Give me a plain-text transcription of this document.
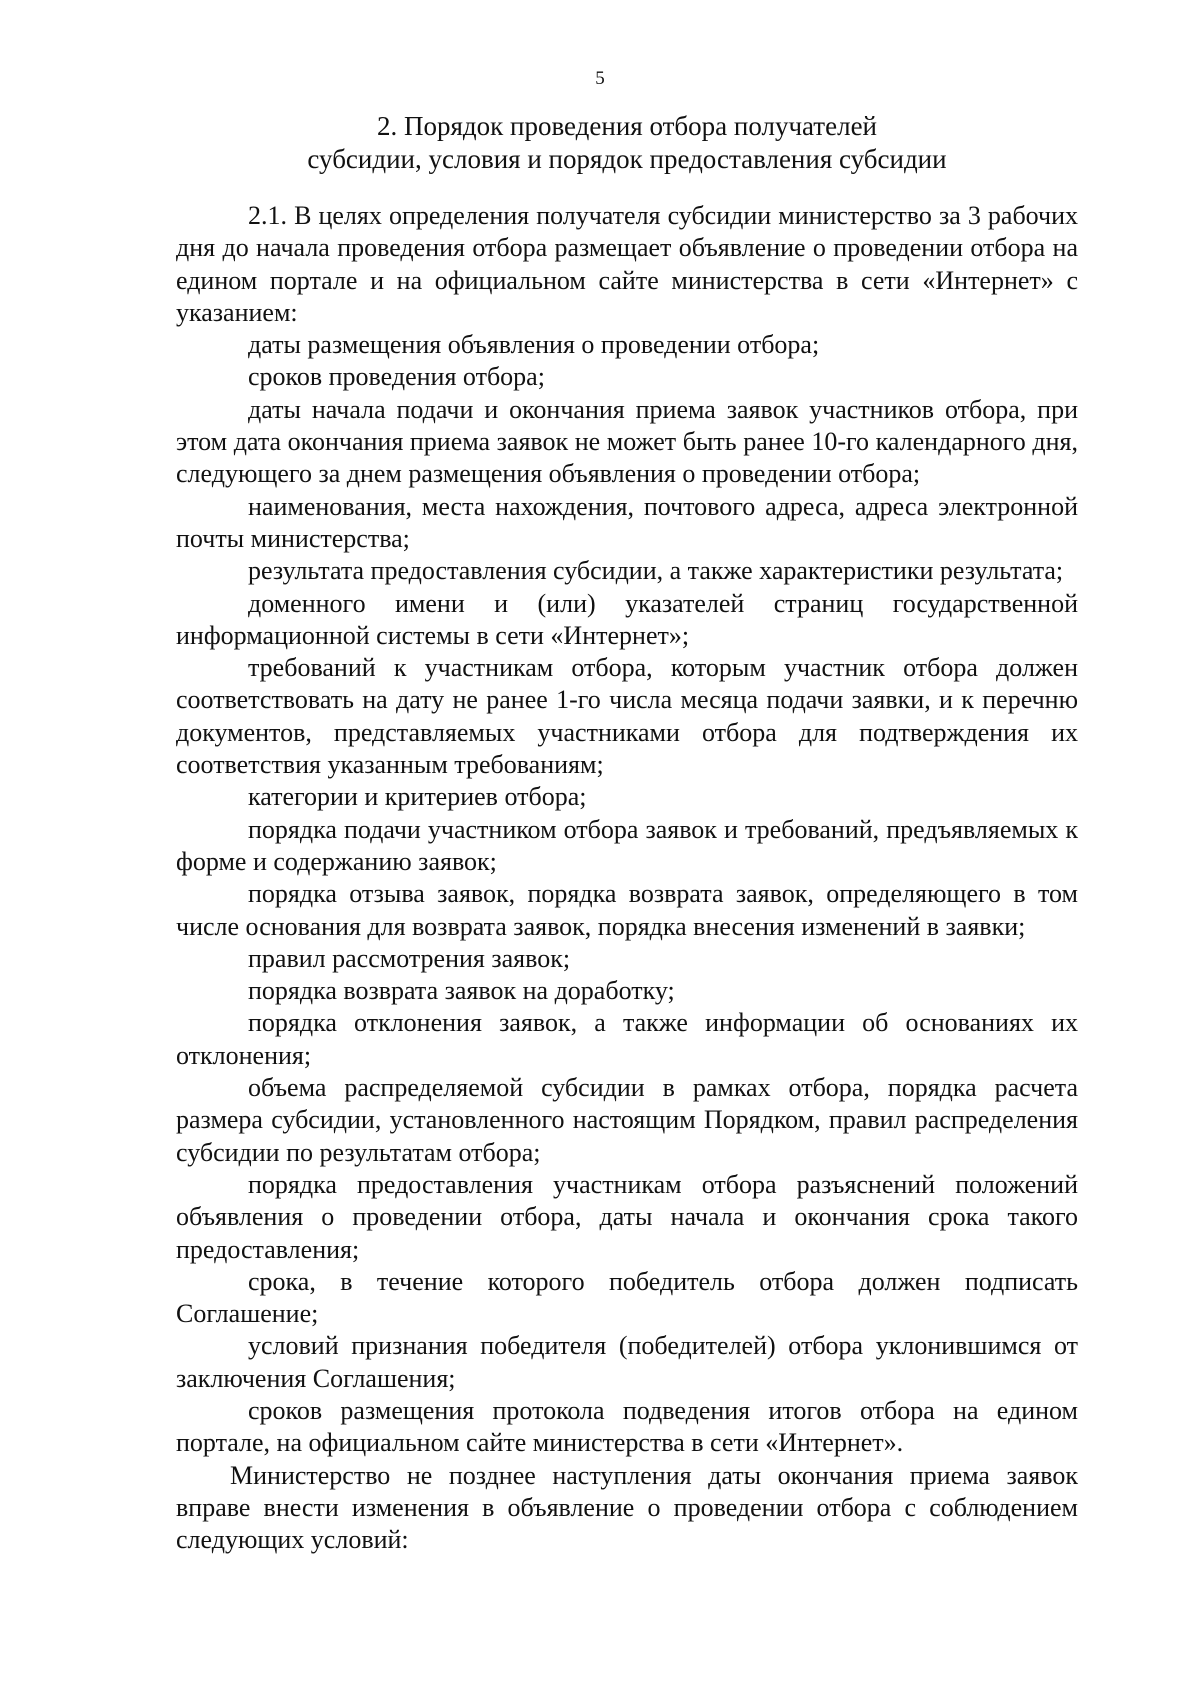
5
2. Порядок проведения отбора получателей
субсидии, условия и порядок предоставления субсидии

2.1. В целях определения получателя субсидии министерство за 3 рабочих дня до начала проведения отбора размещает объявление о проведении отбора на едином портале и на официальном сайте министерства в сети «Интернет» с указанием:

даты размещения объявления о проведении отбора;

сроков проведения отбора;

даты начала подачи и окончания приема заявок участников отбора, при этом дата окончания приема заявок не может быть ранее 10-го календарного дня, следующего за днем размещения объявления о проведении отбора;

наименования, места нахождения, почтового адреса, адреса электронной почты министерства;

результата предоставления субсидии, а также характеристики результата;

доменного имени и (или) указателей страниц государственной информационной системы в сети «Интернет»;

требований к участникам отбора, которым участник отбора должен соответствовать на дату не ранее 1-го числа месяца подачи заявки, и к перечню документов, представляемых участниками отбора для подтверждения их соответствия указанным требованиям;

категории и критериев отбора;

порядка подачи участником отбора заявок и требований, предъявляемых к форме и содержанию заявок;

порядка отзыва заявок, порядка возврата заявок, определяющего в том числе основания для возврата заявок, порядка внесения изменений в заявки;

правил рассмотрения заявок;

порядка возврата заявок на доработку;

порядка отклонения заявок, а также информации об основаниях их отклонения;

объема распределяемой субсидии в рамках отбора, порядка расчета размера субсидии, установленного настоящим Порядком, правил распределения субсидии по результатам отбора;

порядка предоставления участникам отбора разъяснений положений объявления о проведении отбора, даты начала и окончания срока такого предоставления;

срока, в течение которого победитель отбора должен подписать Соглашение;

условий признания победителя (победителей) отбора уклонившимся от заключения Соглашения;

сроков размещения протокола подведения итогов отбора на едином портале, на официальном сайте министерства в сети «Интернет».

Министерство не позднее наступления даты окончания приема заявок вправе внести изменения в объявление о проведении отбора с соблюдением следующих условий:
